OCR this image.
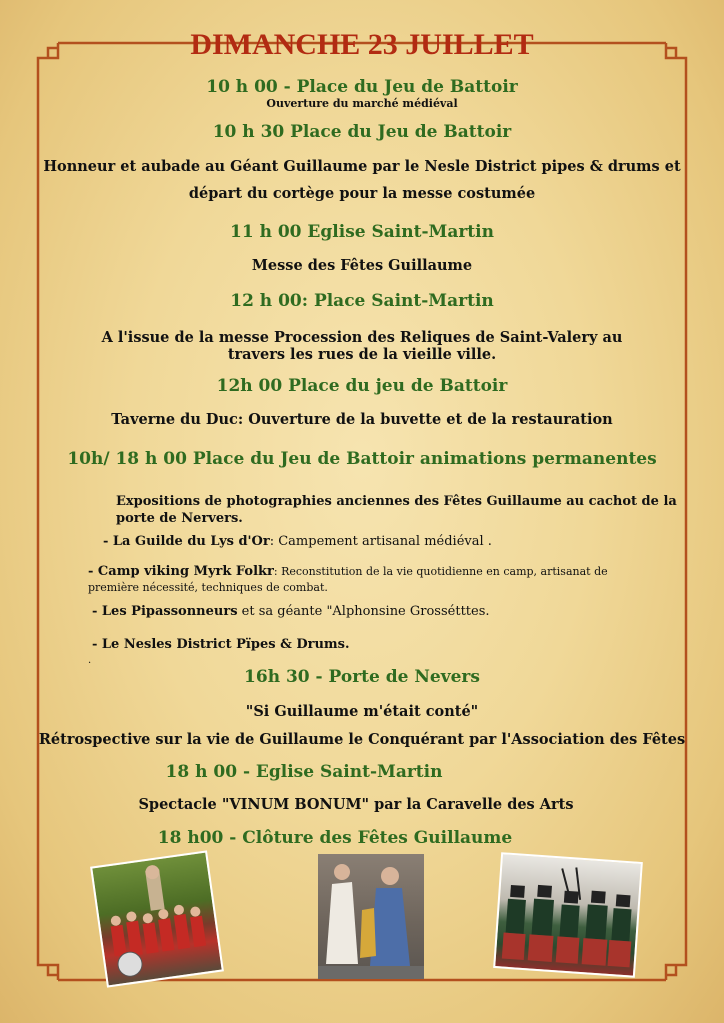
DIMANCHE 23 JUILLET
10 h 00 - Place du Jeu de Battoir
Ouverture du marché médiéval
10 h 30 Place du Jeu de Battoir
Honneur et aubade au Géant Guillaume par le Nesle District pipes & drums et
départ du cortège pour la messe costumée
11 h 00 Eglise Saint-Martin
Messe des Fêtes Guillaume
12 h 00: Place Saint-Martin
A l'issue de la messe Procession des Reliques de Saint-Valery au
travers les rues de la vieille ville.
12h 00 Place du jeu de Battoir
Taverne du Duc: Ouverture de la buvette et de la restauration
10h/ 18 h 00 Place du Jeu de Battoir animations permanentes
Expositions de photographies anciennes des Fêtes Guillaume au cachot de la
porte de Nervers.
- La Guilde du Lys d'Or: Campement artisanal médiéval .
- Camp viking Myrk Folkr: Reconstitution de la vie quotidienne en camp, artisanat de
première nécessité, techniques de combat.
- Les Pipassonneurs et sa géante "Alphonsine Grossétttes.
- Le Nesles District Pïpes & Drums.
.
16h 30 - Porte de Nevers
"Si Guillaume m'était conté"
Rétrospective sur la vie de Guillaume le Conquérant par l'Association des Fêtes
18 h 00 - Eglise Saint-Martin
Spectacle "VINUM BONUM" par la Caravelle des Arts
18 h00 - Clôture des Fêtes Guillaume
